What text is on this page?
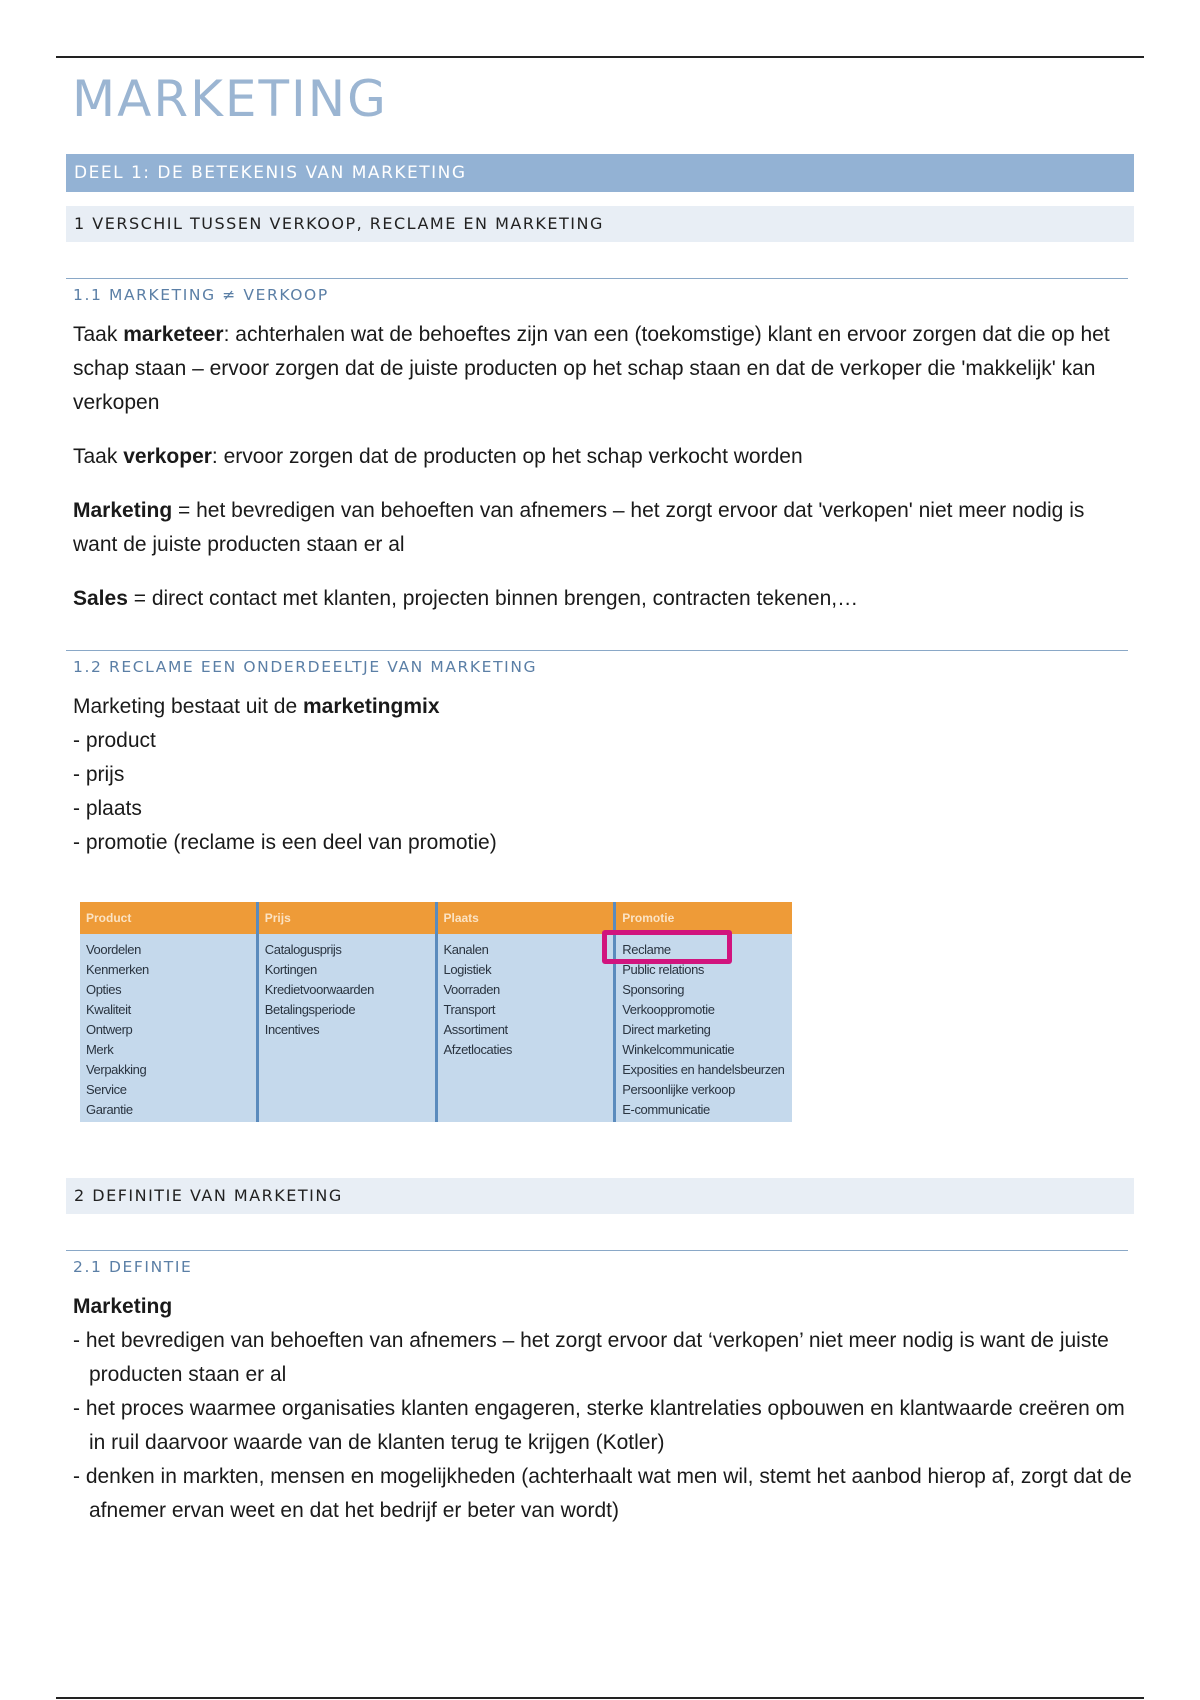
MARKETING
DEEL 1: DE BETEKENIS VAN MARKETING
1 VERSCHIL TUSSEN VERKOOP, RECLAME EN MARKETING
1.1 MARKETING ≠ VERKOOP

Taak marketeer: achterhalen wat de behoeftes zijn van een (toekomstige) klant en ervoor zorgen dat die op het schap staan – ervoor zorgen dat de juiste producten op het schap staan en dat de verkoper die 'makkelijk' kan verkopen

Taak verkoper: ervoor zorgen dat de producten op het schap verkocht worden

Marketing = het bevredigen van behoeften van afnemers – het zorgt ervoor dat 'verkopen' niet meer nodig is want de juiste producten staan er al

Sales = direct contact met klanten, projecten binnen brengen, contracten tekenen,…

1.2 RECLAME EEN ONDERDEELTJE VAN MARKETING
Marketing bestaat uit de marketingmix
- product
- prijs
- plaats
- promotie (reclame is een deel van promotie)
Product
Voordelen
Kenmerken
Opties
Kwaliteit
Ontwerp
Merk
Verpakking
Service
Garantie
Prijs
Catalogusprijs
Kortingen
Kredietvoorwaarden
Betalingsperiode
Incentives
Plaats
Kanalen
Logistiek
Voorraden
Transport
Assortiment
Afzetlocaties
Promotie
Reclame
Public relations
Sponsoring
Verkooppromotie
Direct marketing
Winkelcommunicatie
Exposities en handelsbeurzen
Persoonlijke verkoop
E-communicatie
2 DEFINITIE VAN MARKETING
2.1 DEFINTIE
Marketing
- het bevredigen van behoeften van afnemers – het zorgt ervoor dat ‘verkopen’ niet meer nodig is want de juiste producten staan er al
- het proces waarmee organisaties klanten engageren, sterke klantrelaties opbouwen en klantwaarde creëren om in ruil daarvoor waarde van de klanten terug te krijgen (Kotler)
- denken in markten, mensen en mogelijkheden (achterhaalt wat men wil, stemt het aanbod hierop af, zorgt dat de afnemer ervan weet en dat het bedrijf er beter van wordt)
